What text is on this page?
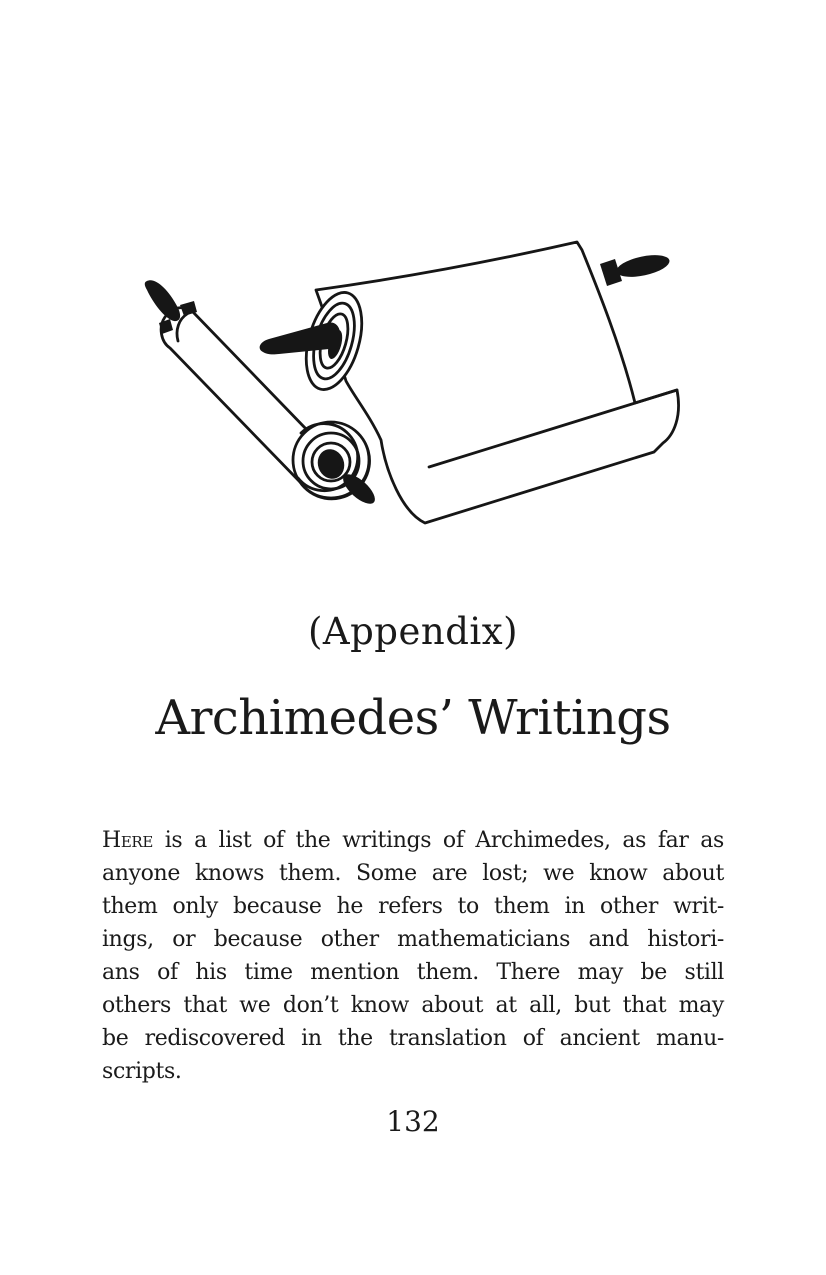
(Appendix)
Archimedes’ Writings
Here is a list of the writings of Archimedes, as far as
anyone knows them. Some are lost; we know about
them only because he refers to them in other writ-
ings, or because other mathematicians and histori-
ans of his time mention them. There may be still
others that we don’t know about at all, but that may
be rediscovered in the translation of ancient manu-
scripts.
132
